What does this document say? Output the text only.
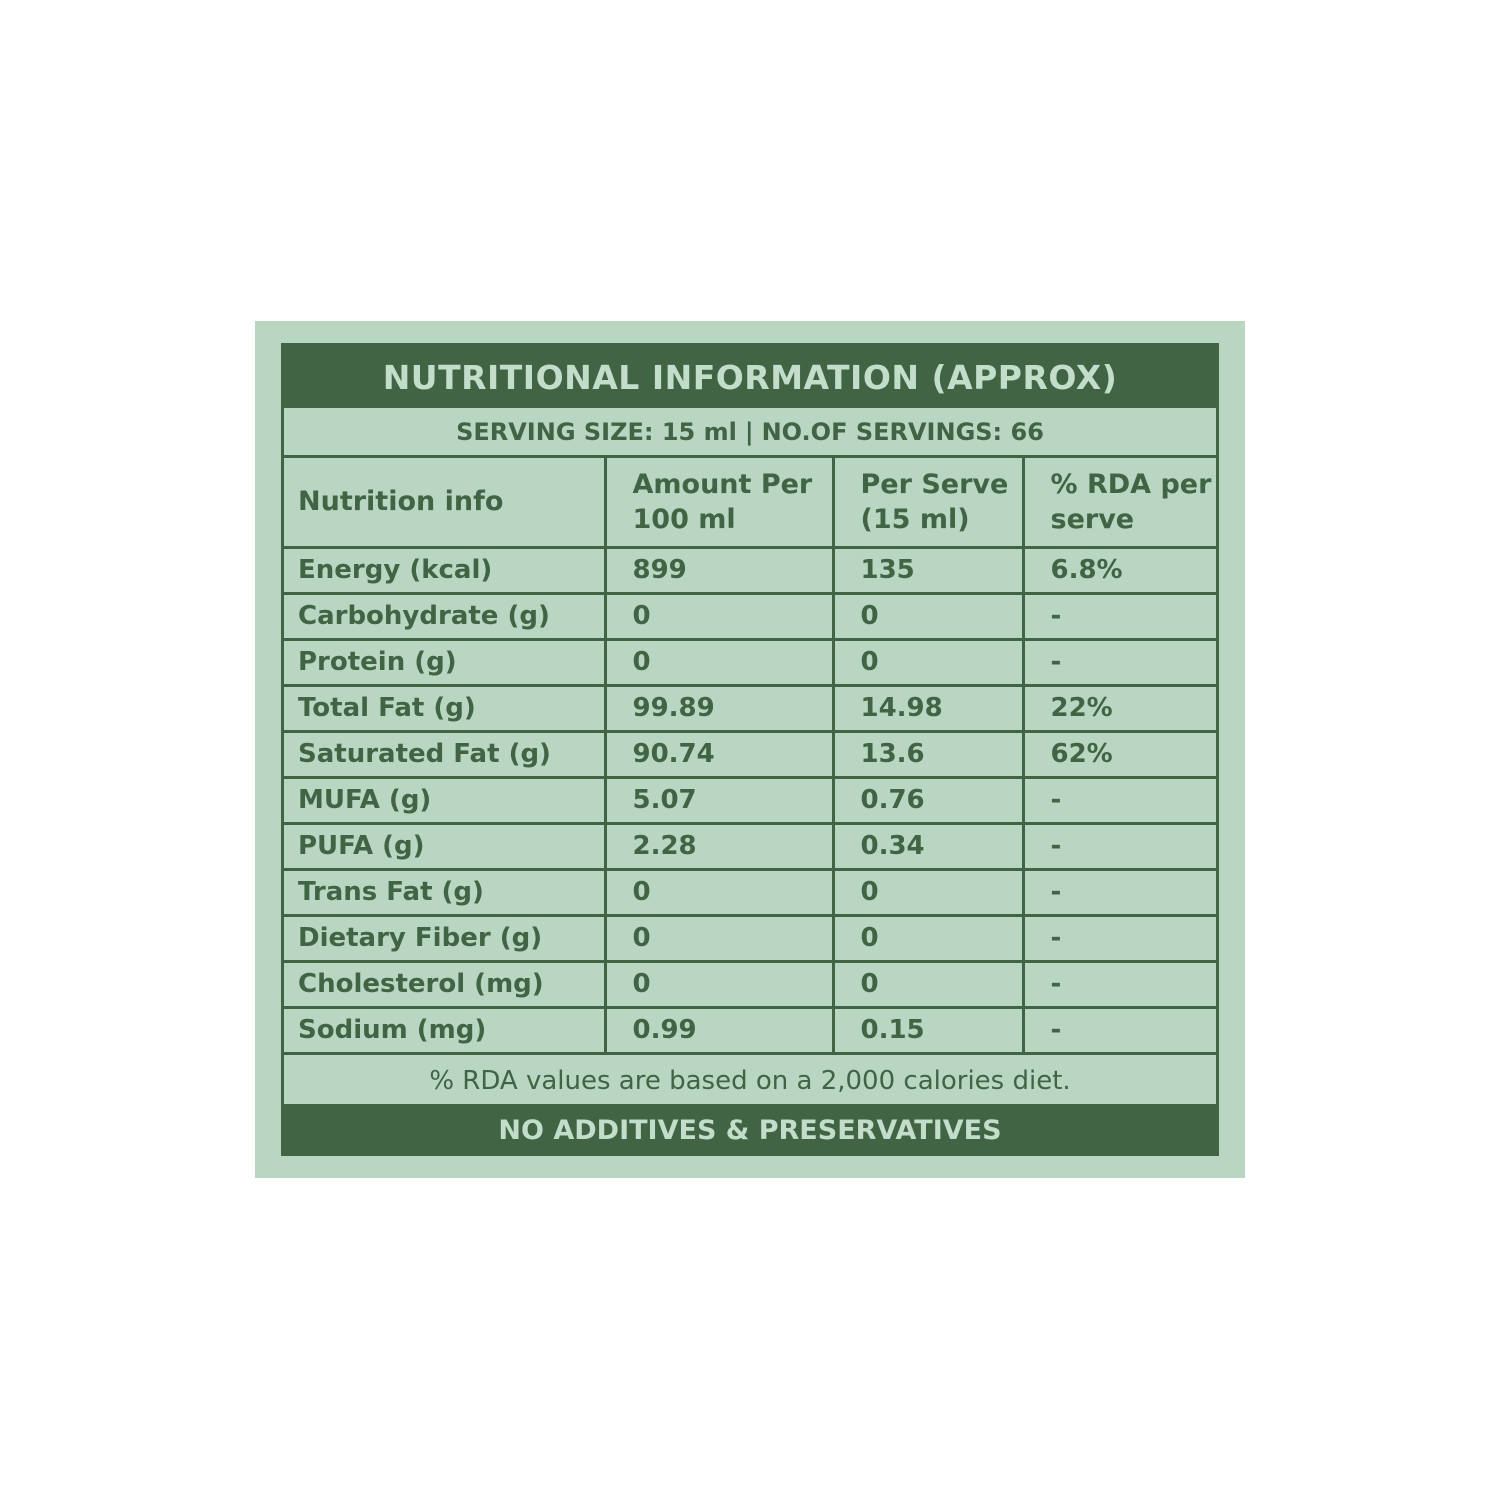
NUTRITIONAL INFORMATION (APPROX)
SERVING SIZE: 15 ml | NO.OF SERVINGS: 66
Nutrition info	Amount Per 100 ml	Per Serve (15 ml)	% RDA per serve
Energy (kcal)	899	135	6.8%
Carbohydrate (g)	0	0	-
Protein (g)	0	0	-
Total Fat (g)	99.89	14.98	22%
Saturated Fat (g)	90.74	13.6	62%
MUFA (g)	5.07	0.76	-
PUFA (g)	2.28	0.34	-
Trans Fat (g)	0	0	-
Dietary Fiber (g)	0	0	-
Cholesterol (mg)	0	0	-
Sodium (mg)	0.99	0.15	-
% RDA values are based on a 2,000 calories diet.
NO ADDITIVES & PRESERVATIVES
